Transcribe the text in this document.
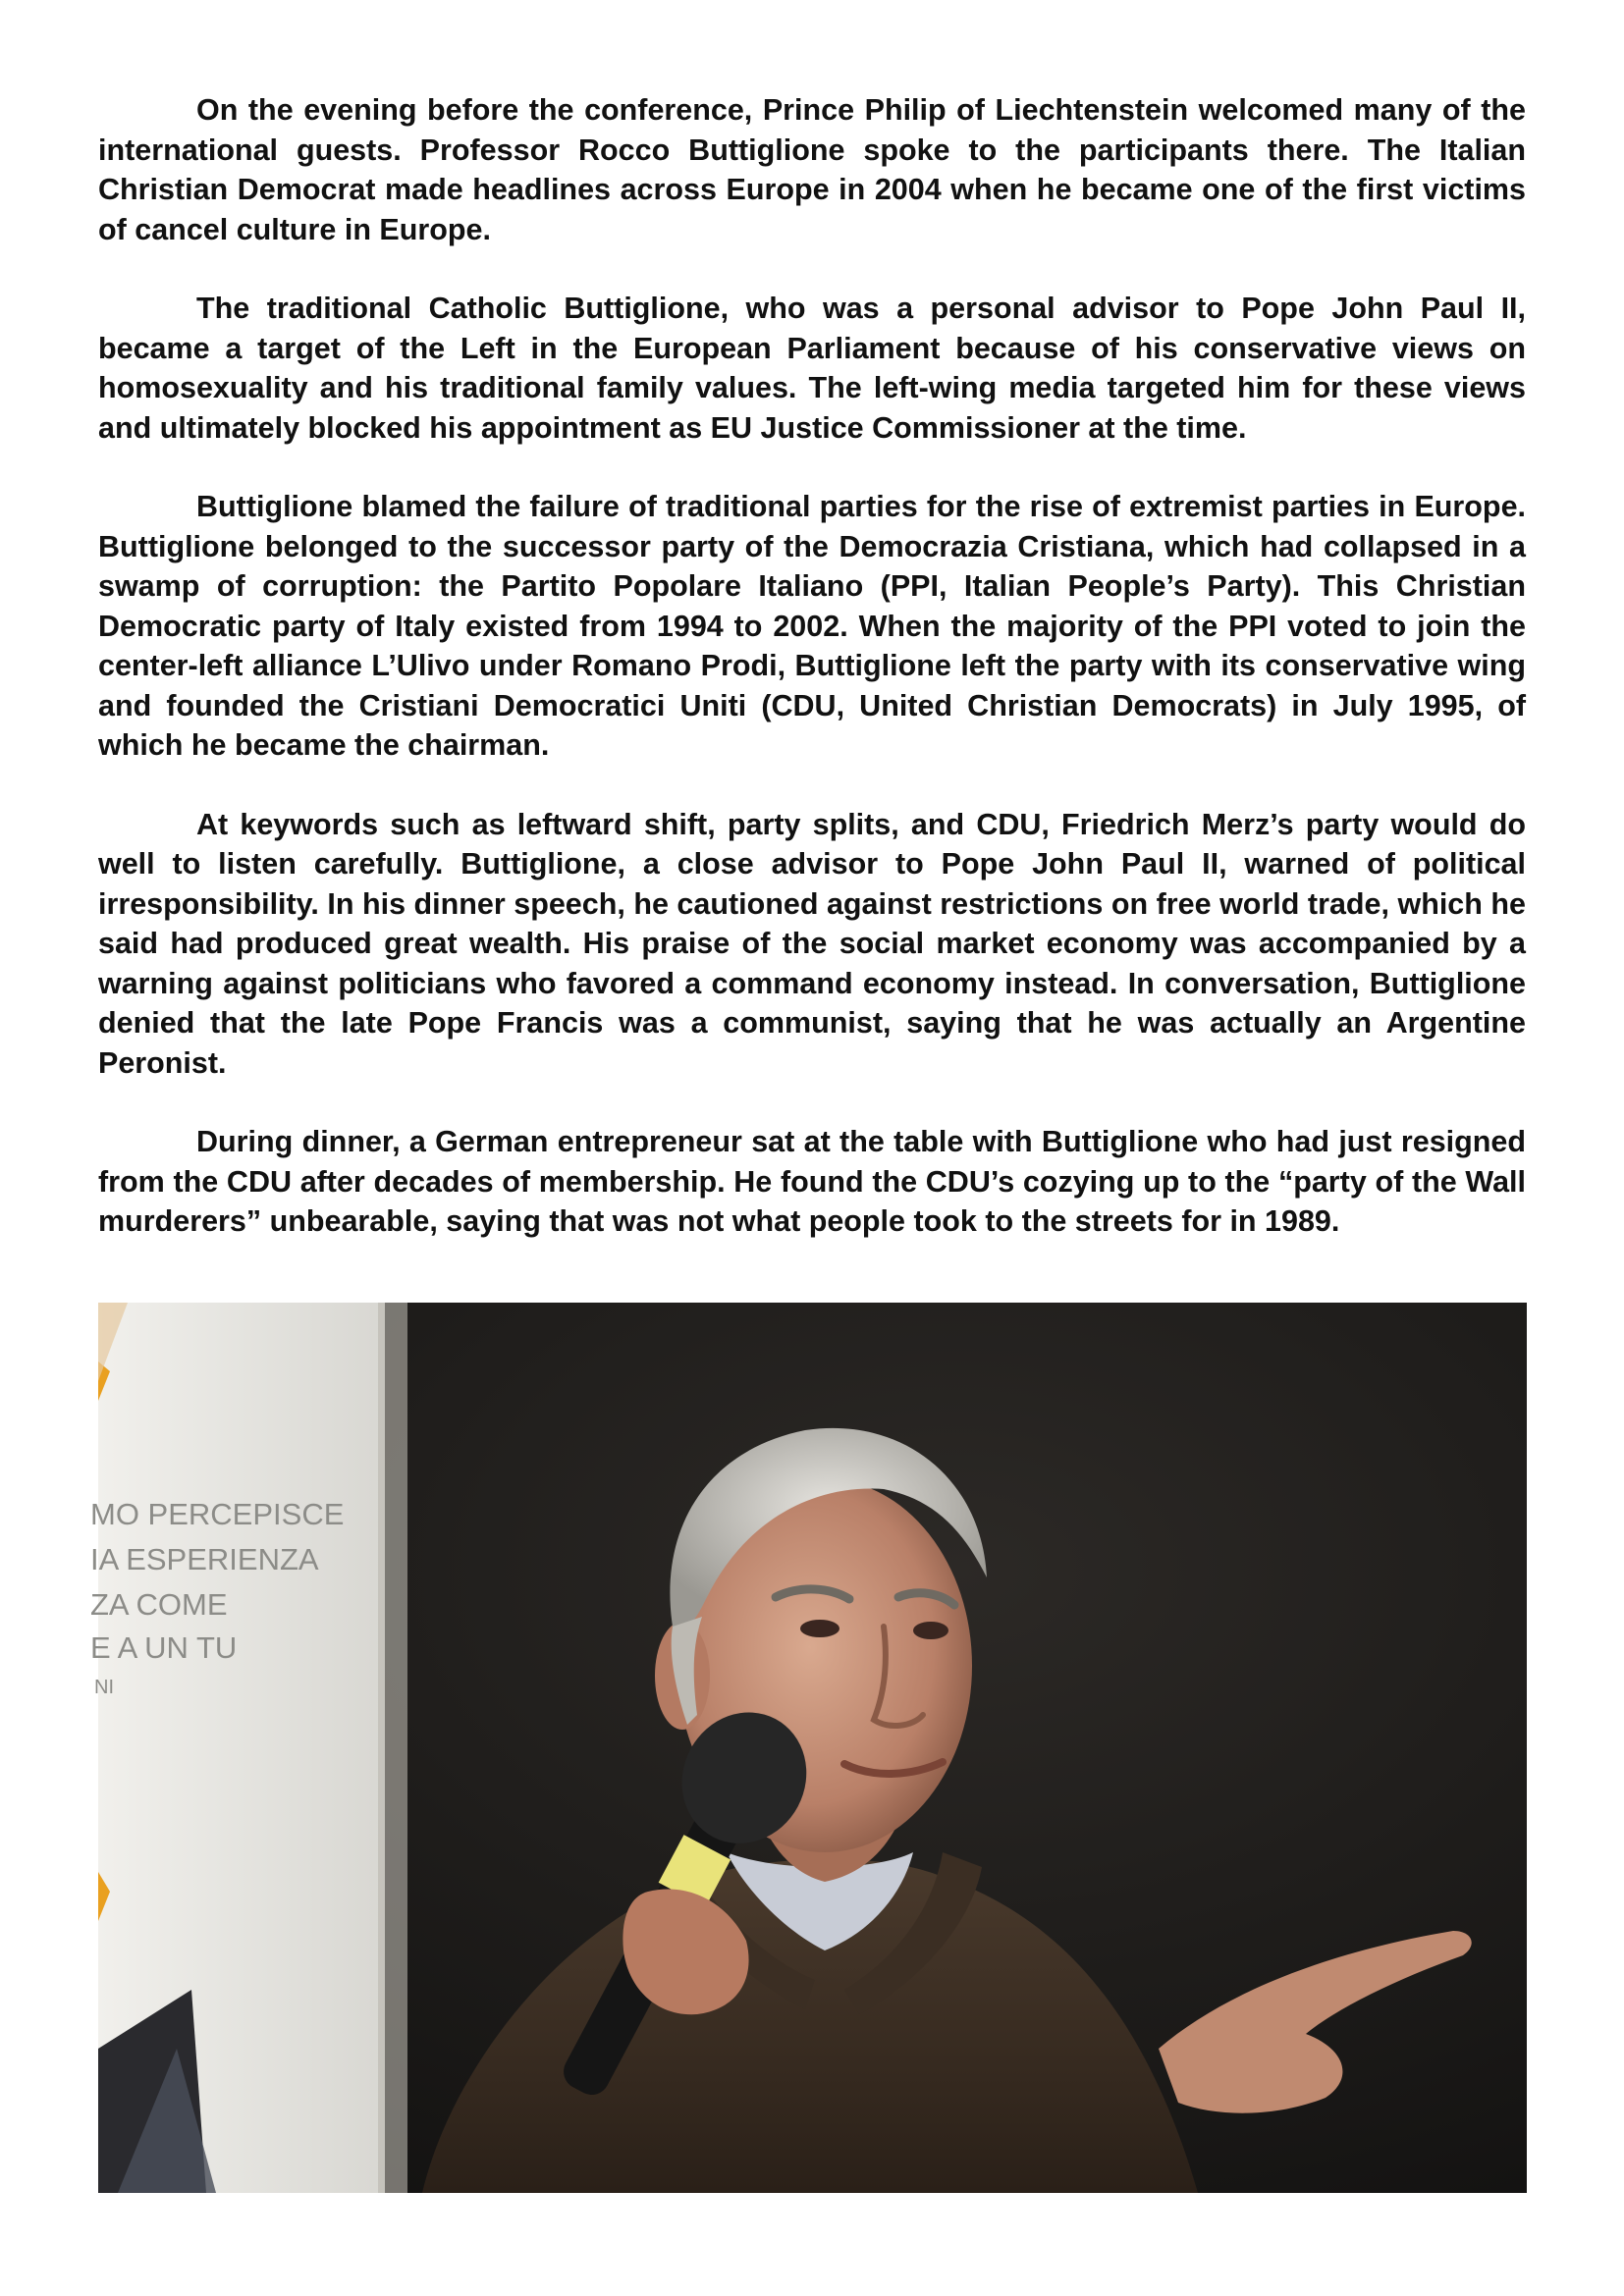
On the evening before the conference, Prince Philip of Liechtenstein welcomed many of the international guests. Professor Rocco Buttiglione spoke to the participants there. The Italian Christian Democrat made headlines across Europe in 2004 when he became one of the first victims of cancel culture in Europe.

The traditional Catholic Buttiglione, who was a personal advisor to Pope John Paul II, became a target of the Left in the European Parliament because of his conservative views on homosexuality and his traditional family values. The left-wing media targeted him for these views and ultimately blocked his appointment as EU Justice Commissioner at the time.

Buttiglione blamed the failure of traditional parties for the rise of extremist parties in Europe. Buttiglione belonged to the successor party of the Democrazia Cristiana, which had collapsed in a swamp of corruption: the Partito Popolare Italiano (PPI, Italian People’s Party). This Christian Democratic party of Italy existed from 1994 to 2002. When the majority of the PPI voted to join the center-left alliance L’Ulivo under Romano Prodi, Buttiglione left the party with its conservative wing and founded the Cristiani Democratici Uniti (CDU, United Christian Democrats) in July 1995, of which he became the chairman.

At keywords such as leftward shift, party splits, and CDU, Friedrich Merz’s party would do well to listen carefully. Buttiglione, a close advisor to Pope John Paul II, warned of political irresponsibility. In his dinner speech, he cautioned against restrictions on free world trade, which he said had produced great wealth. His praise of the social market economy was accompanied by a warning against politicians who favored a command economy instead. In conversation, Buttiglione denied that the late Pope Francis was a communist, saying that he was actually an Argentine Peronist.

During dinner, a German entrepreneur sat at the table with Buttiglione who had just resigned from the CDU after decades of membership. He found the CDU’s cozying up to the “party of the Wall murderers” unbearable, saying that was not what people took to the streets for in 1989.

MO PERCEPISCE
IA ESPERIENZA
ZA COME
E A UN TU
NI
